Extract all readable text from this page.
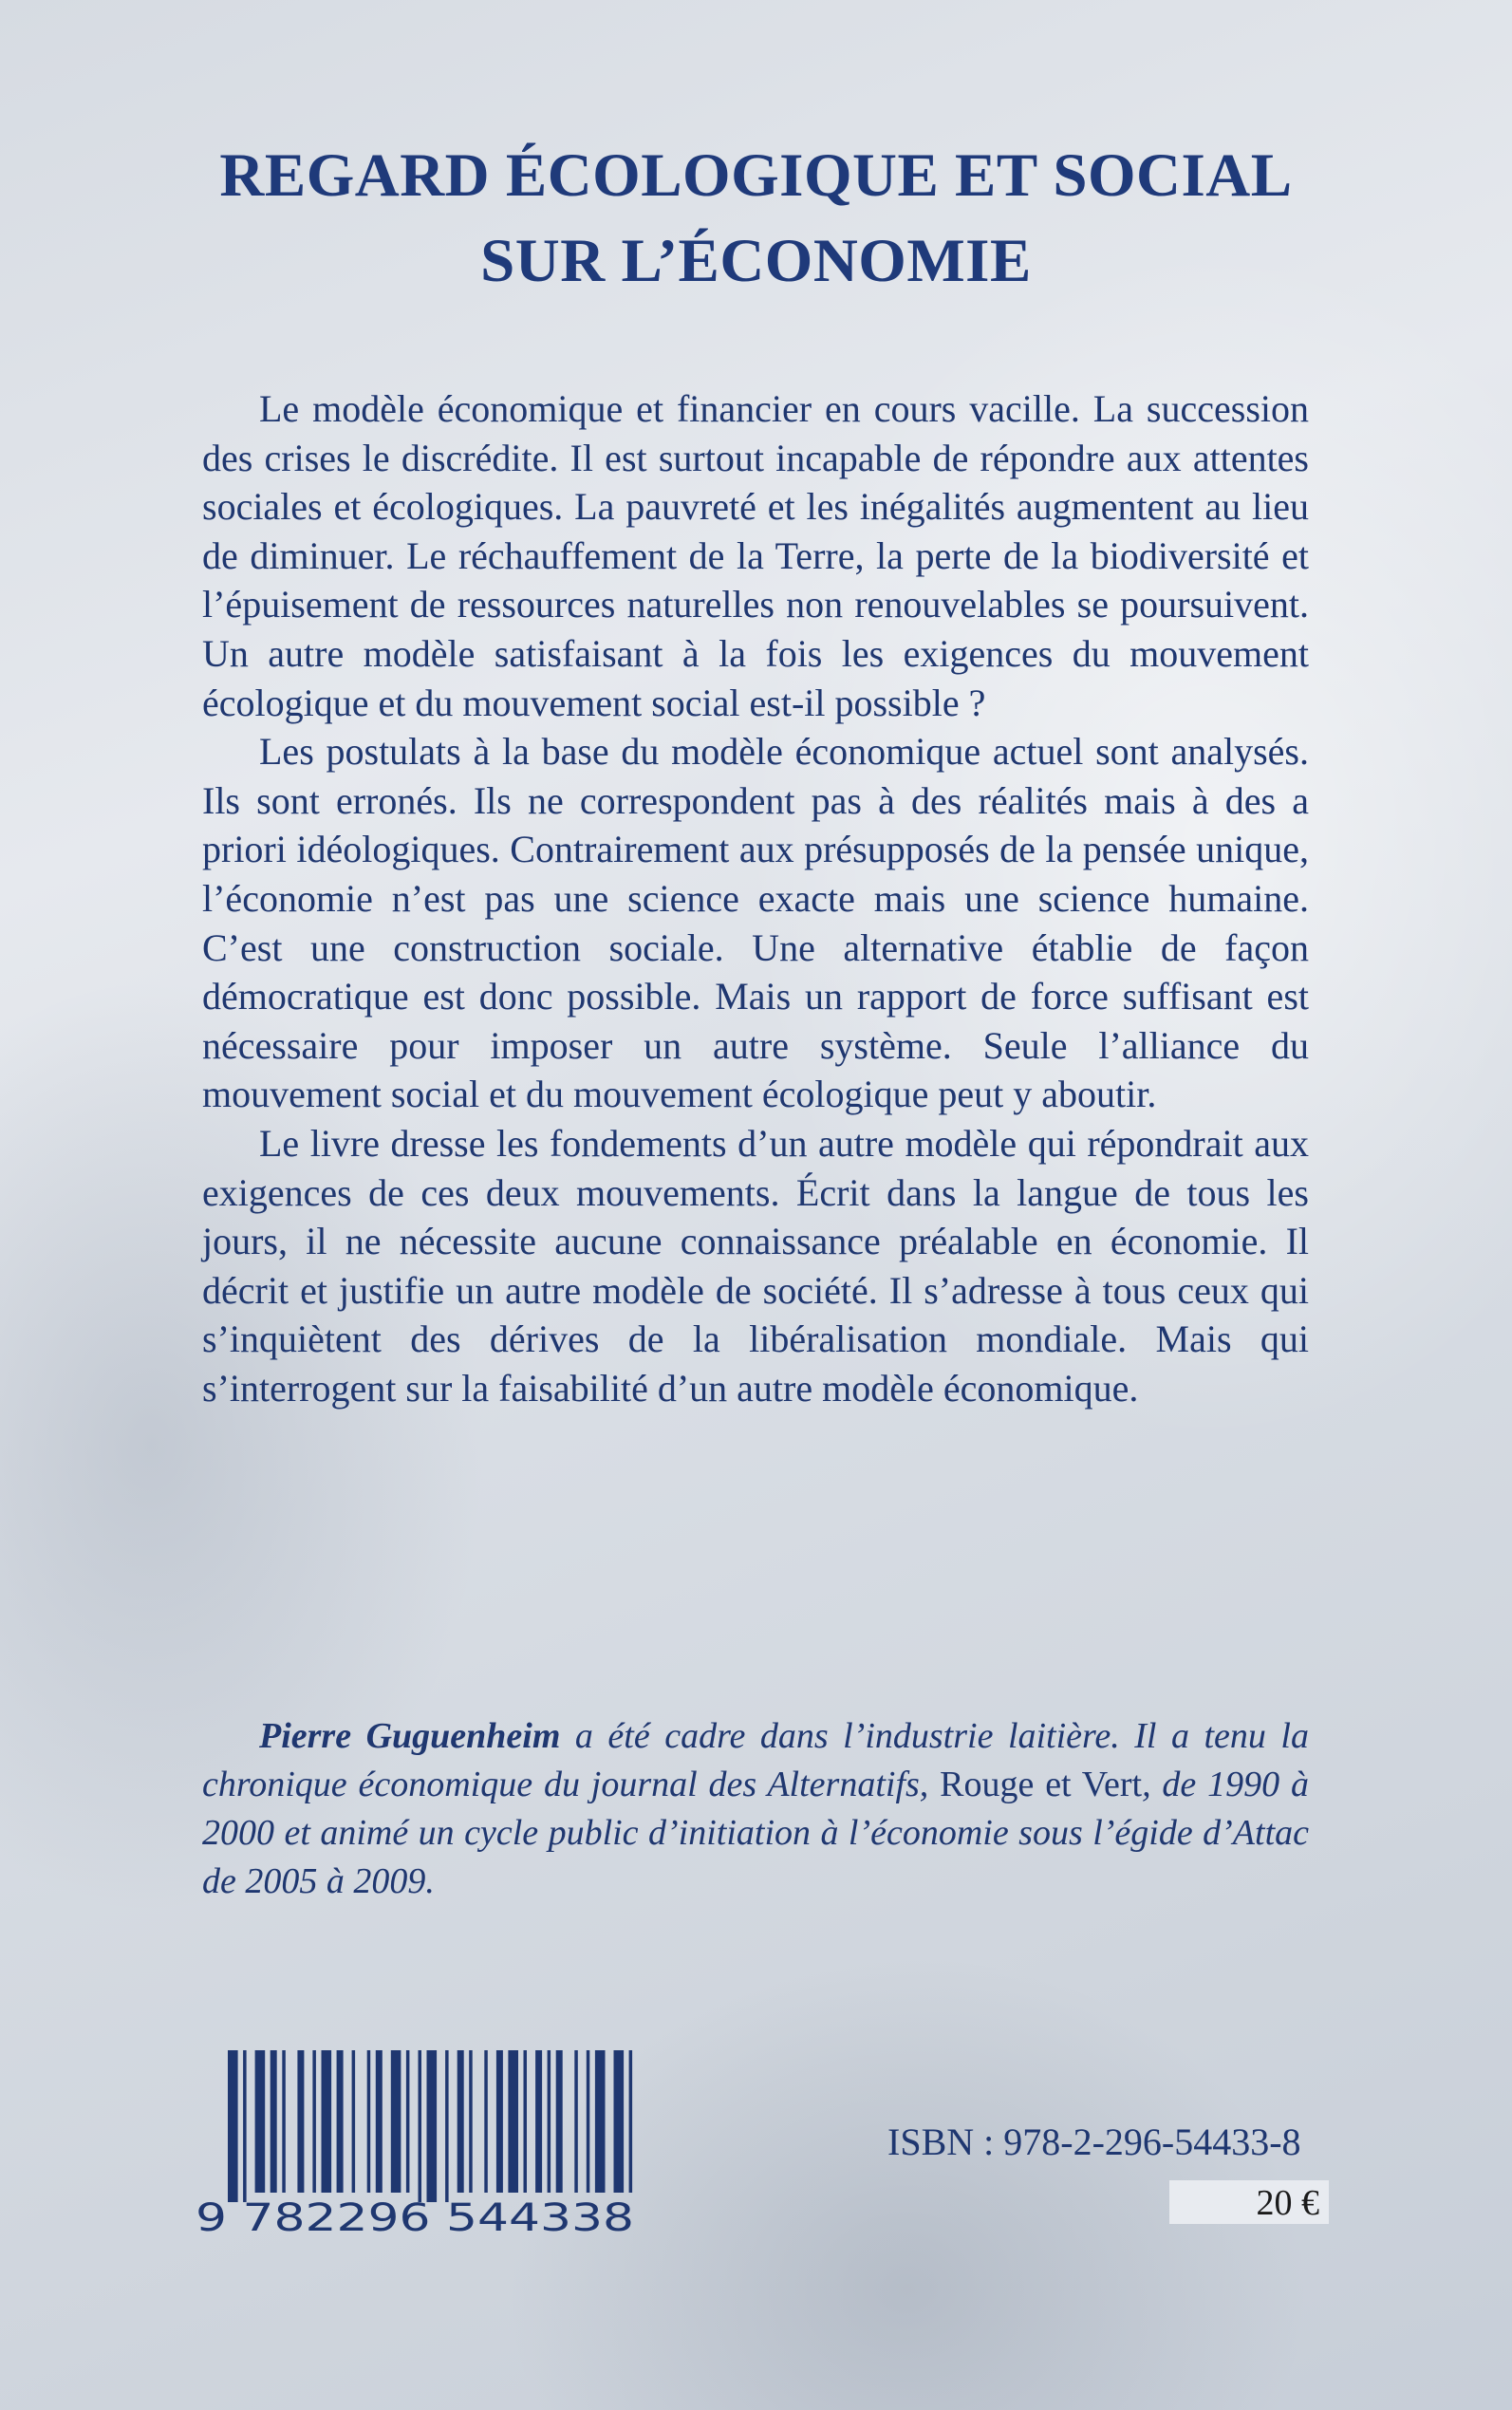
REGARD ÉCOLOGIQUE ET SOCIAL
SUR L’ÉCONOMIE

Le modèle économique et financier en cours vacille. La succession des crises le discrédite. Il est surtout incapable de répondre aux attentes sociales et écologiques. La pauvreté et les inégalités augmentent au lieu de diminuer. Le réchauffement de la Terre, la perte de la biodiversité et l’épuisement de ressources naturelles non renouvelables se poursuivent. Un autre modèle satisfaisant à la fois les exigences du mouvement écologique et du mouvement social est-il possible ?

Les postulats à la base du modèle économique actuel sont analysés. Ils sont erronés. Ils ne correspondent pas à des réalités mais à des a priori idéologiques. Contrairement aux présupposés de la pensée unique, l’économie n’est pas une science exacte mais une science humaine. C’est une construction sociale. Une alternative établie de façon démocratique est donc possible. Mais un rapport de force suffisant est nécessaire pour imposer un autre système. Seule l’alliance du mouvement social et du mouvement écologique peut y aboutir.

Le livre dresse les fondements d’un autre modèle qui répondrait aux exigences de ces deux mouvements. Écrit dans la langue de tous les jours, il ne nécessite aucune connaissance préalable en économie. Il décrit et justifie un autre modèle de société. Il s’adresse à tous ceux qui s’inquiètent des dérives de la libéralisation mondiale. Mais qui s’interrogent sur la faisabilité d’un autre modèle économique.

Pierre Guguenheim a été cadre dans l’industrie laitière. Il a tenu la chronique économique du journal des Alternatifs, Rouge et Vert, de 1990 à 2000 et animé un cycle public d’initiation à l’économie sous l’égide d’Attac de 2005 à 2009.
9 782296 544338
ISBN : 978-2-296-54433-8
20 €
